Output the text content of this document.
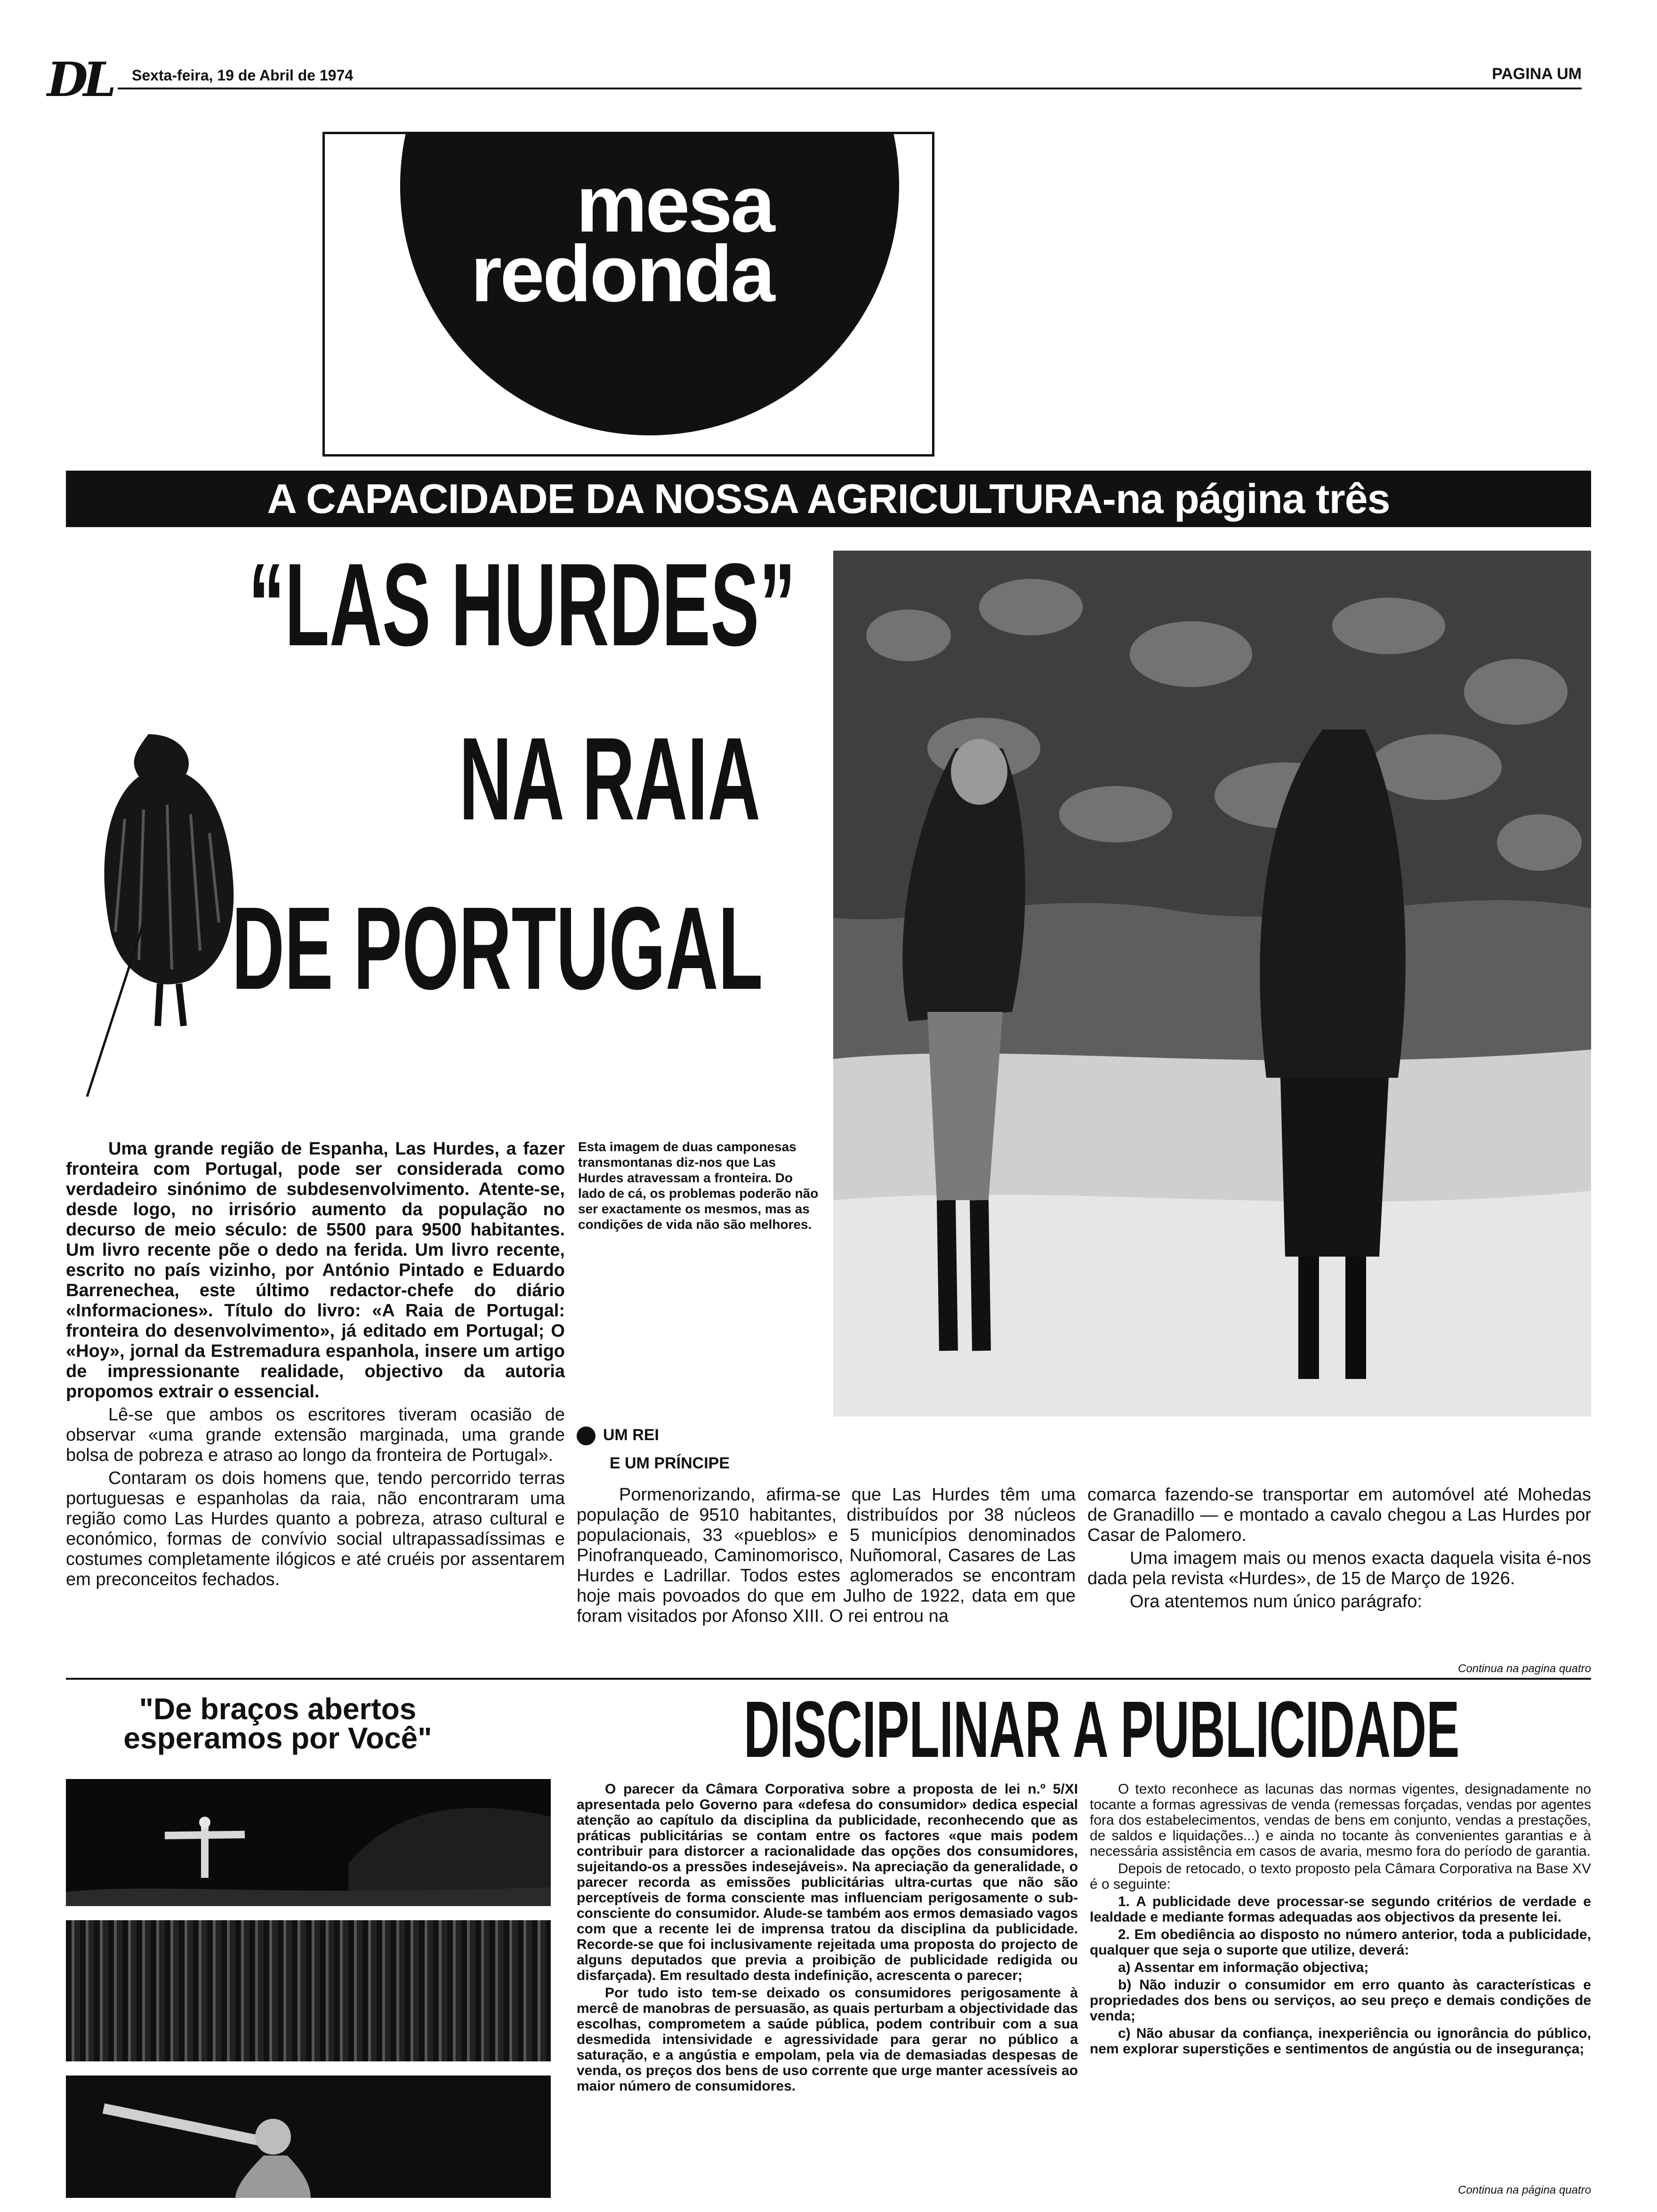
DL Sexta-feira, 19 de Abril de 1974	PAGINA UM
mesa
redonda
A CAPACIDADE DA NOSSA AGRICULTURA-na página três
“LAS HURDES”
NA RAIA
DE PORTUGAL
Esta imagem de duas camponesas transmontanas diz-nos que Las Hurdes atravessam a fronteira. Do lado de cá, os problemas poderão não ser exactamente os mesmos, mas as condições de vida não são melhores.

Uma grande região de Espanha, Las Hurdes, a fazer fronteira com Portugal, pode ser considerada como verdadeiro sinónimo de subdesenvolvimento. Atente-se, desde logo, no irrisório aumento da população no decurso de meio século: de 5500 para 9500 habitantes. Um livro recente põe o dedo na ferida. Um livro recente, escrito no país vizinho, por António Pintado e Eduardo Barrenechea, este último redactor-chefe do diário «Informaciones». Título do livro: «A Raia de Portugal: fronteira do desenvolvimento», já editado em Portugal; O «Hoy», jornal da Estremadura espanhola, insere um artigo de impressionante realidade, objectivo da autoria propomos extrair o essencial.

Lê-se que ambos os escritores tiveram ocasião de observar «uma grande extensão marginada, uma grande bolsa de pobreza e atraso ao longo da fronteira de Portugal».

Contaram os dois homens que, tendo percorrido terras portuguesas e espanholas da raia, não encontraram uma região como Las Hurdes quanto a pobreza, atraso cultural e económico, formas de convívio social ultrapassadíssimas e costumes completamente ilógicos e até cruéis por assentarem em preconceitos fechados.

UM REI
E UM PRÍNCIPE

Pormenorizando, afirma-se que Las Hurdes têm uma população de 9510 habitantes, distribuídos por 38 núcleos populacionais, 33 «pueblos» e 5 municípios denominados Pinofranqueado, Caminomorisco, Nuñomoral, Casares de Las Hurdes e Ladrillar. Todos estes aglomerados se encontram hoje mais povoados do que em Julho de 1922, data em que foram visitados por Afonso XIII. O rei entrou na

comarca fazendo-se transportar em automóvel até Mohedas de Granadillo — e montado a cavalo chegou a Las Hurdes por Casar de Palomero.

Uma imagem mais ou menos exacta daquela visita é-nos dada pela revista «Hurdes», de 15 de Março de 1926.

Ora atentemos num único parágrafo:

Continua na pagina quatro
"De braços abertos
esperamos por Você"	DISCIPLINAR A PUBLICIDADE

O parecer da Câmara Corporativa sobre a proposta de lei n.º 5/XI apresentada pelo Governo para «defesa do consumidor» dedica especial atenção ao capítulo da disciplina da publicidade, reconhecendo que as práticas publicitárias se contam entre os factores «que mais podem contribuir para distorcer a racionalidade das opções dos consumidores, sujeitando-os a pressões indesejáveis». Na apreciação da generalidade, o parecer recorda as emissões publicitárias ultra-curtas que não são perceptíveis de forma consciente mas influenciam perigosamente o sub-consciente do consumidor. Alude-se também aos ermos demasiado vagos com que a recente lei de imprensa tratou da disciplina da publicidade. Recorde-se que foi inclusivamente rejeitada uma proposta do projecto de alguns deputados que previa a proibição de publicidade redigida ou disfarçada). Em resultado desta indefinição, acrescenta o parecer;

Por tudo isto tem-se deixado os consumidores perigosamente à mercê de manobras de persuasão, as quais perturbam a objectividade das escolhas, comprometem a saúde pública, podem contribuir com a sua desmedida intensividade e agressividade para gerar no público a saturação, e a angústia e empolam, pela via de demasiadas despesas de venda, os preços dos bens de uso corrente que urge manter acessíveis ao maior número de consumidores.

O texto reconhece as lacunas das normas vigentes, designadamente no tocante a formas agressivas de venda (remessas forçadas, vendas por agentes fora dos estabelecimentos, vendas de bens em conjunto, vendas a prestações, de saldos e liquidações...) e ainda no tocante às convenientes garantias e à necessária assistência em casos de avaria, mesmo fora do período de garantia.

Depois de retocado, o texto proposto pela Câmara Corporativa na Base XV é o seguinte:

1. A publicidade deve processar-se segundo critérios de verdade e lealdade e mediante formas adequadas aos objectivos da presente lei.

2. Em obediência ao disposto no número anterior, toda a publicidade, qualquer que seja o suporte que utilize, deverá:

a) Assentar em informação objectiva;

b) Não induzir o consumidor em erro quanto às características e propriedades dos bens ou serviços, ao seu preço e demais condições de venda;

c) Não abusar da confiança, inexperiência ou ignorância do público, nem explorar superstições e sentimentos de angústia ou de insegurança;

Continua na página quatro
